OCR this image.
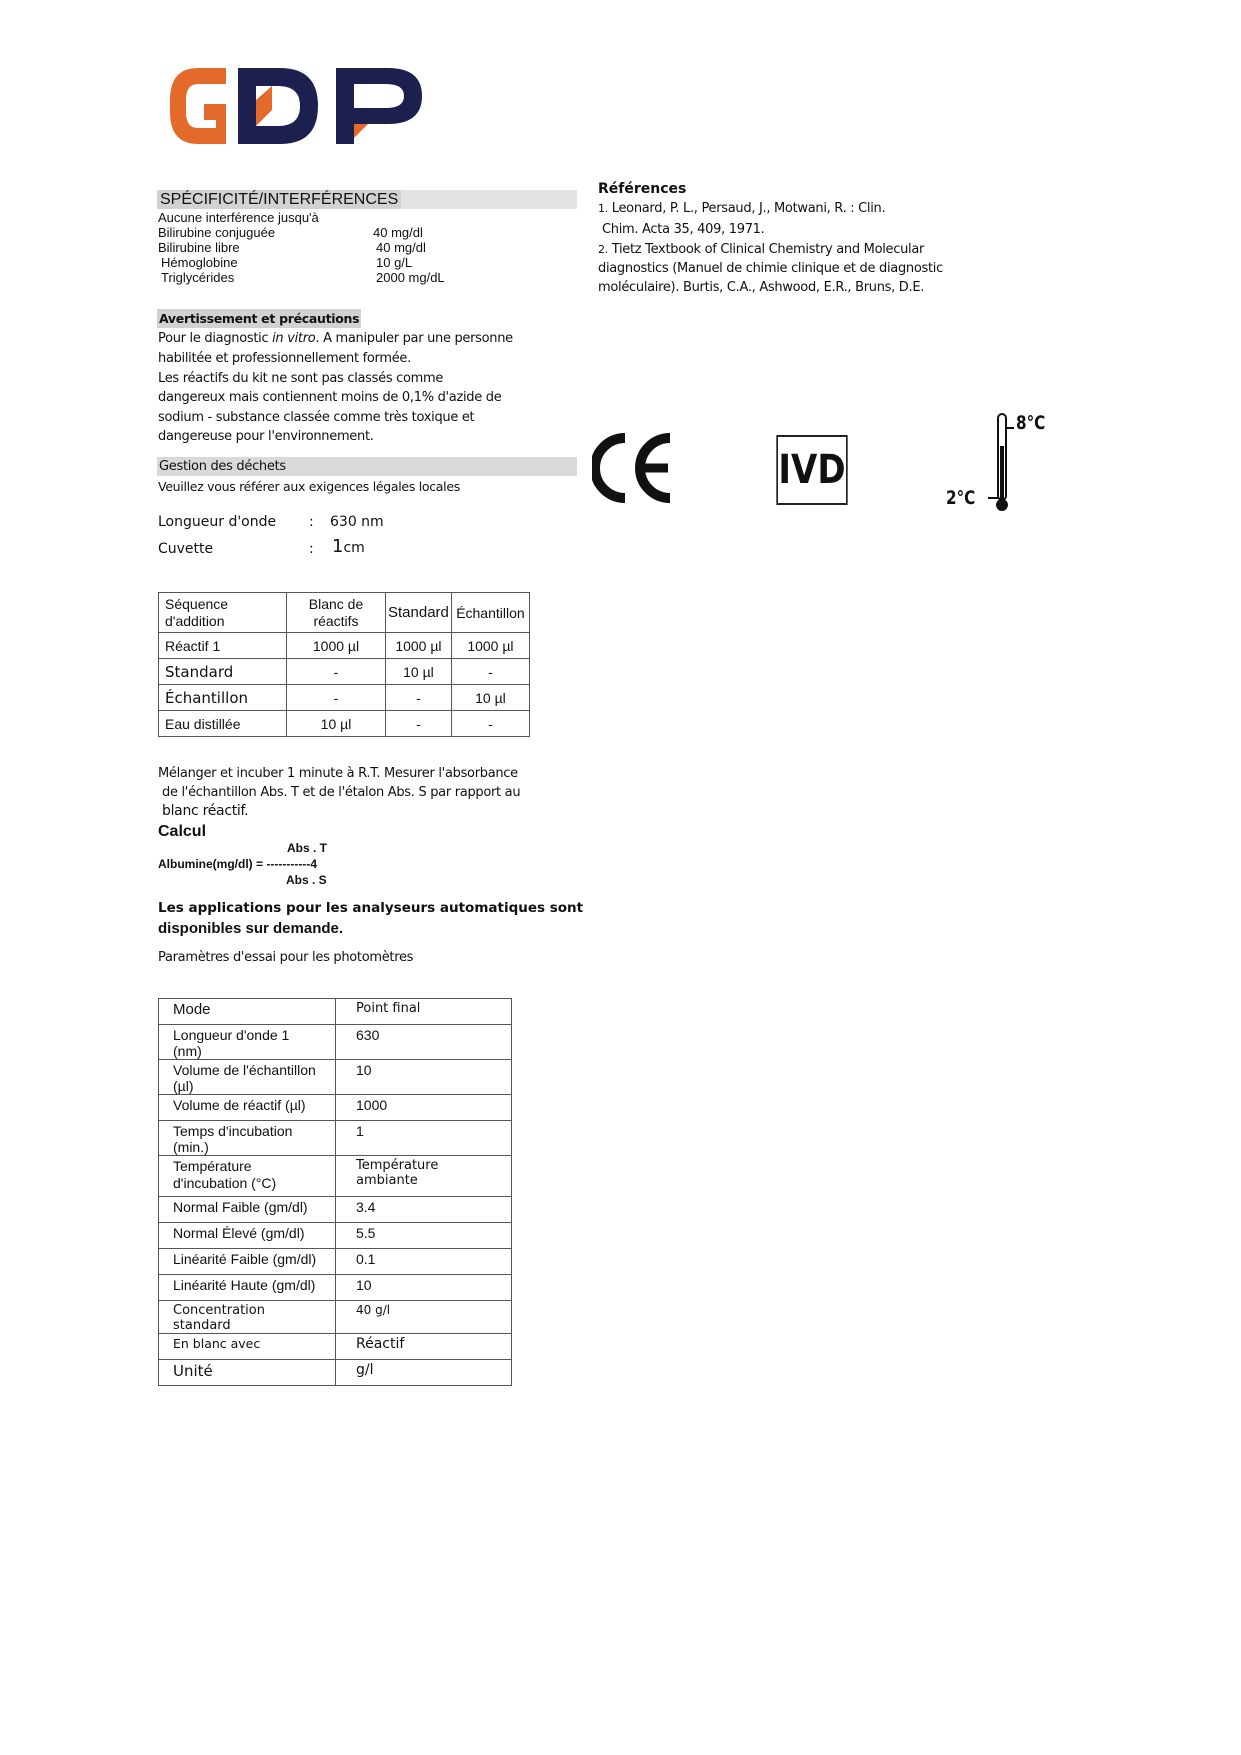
SPÉCIFICITÉ/INTERFÉRENCES
Aucune interférence jusqu'à
Bilirubine conjuguée	40 mg/dl
Bilirubine libre	40 mg/dl
Hémoglobine	10 g/L
Triglycérides	2000 mg/dL
Avertissement et précautions
Pour le diagnostic in vitro. A manipuler par une personne
habilitée et professionnellement formée.
Les réactifs du kit ne sont pas classés comme
dangereux mais contiennent moins de 0,1% d'azide de
sodium - substance classée comme très toxique et
dangereuse pour l'environnement.
Gestion des déchets
Veuillez vous référer aux exigences légales locales
Longueur d'onde : 630 nm
Cuvette	: 1cm
Séquence d'addition	Blanc de réactifs	Standard	Échantillon
Réactif 1	1000 µl	1000 µl	1000 µl
Standard	-	10 µl	-
Échantillon	-	-	10 µl
Eau distillée	10 µl	-	-
Mélanger et incuber 1 minute à R.T. Mesurer l'absorbance
de l'échantillon Abs. T et de l'étalon Abs. S par rapport au
blanc réactif.
Calcul
Abs . T
Albumine(mg/dl) = -----------4
Abs . S
Les applications pour les analyseurs automatiques sont
disponibles sur demande.
Paramètres d'essai pour les photomètres
Mode	Point final
Longueur d'onde 1 (nm)	630
Volume de l'échantillon (µl)	10
Volume de réactif (µl)	1000
Temps d'incubation (min.)	1
Température d'incubation (°C)	Température ambiante
Normal Faible (gm/dl)	3.4
Normal Élevé (gm/dl)	5.5
Linéarité Faible (gm/dl)	0.1
Linéarité Haute (gm/dl)	10
Concentration standard	40 g/l
En blanc avec	Réactif
Unité	g/l
Références
1. Leonard, P. L., Persaud, J., Motwani, R. : Clin.
Chim. Acta 35, 409, 1971.
2. Tietz Textbook of Clinical Chemistry and Molecular
diagnostics (Manuel de chimie clinique et de diagnostic
moléculaire). Burtis, C.A., Ashwood, E.R., Bruns, D.E.
IVD
8°C
2°C
